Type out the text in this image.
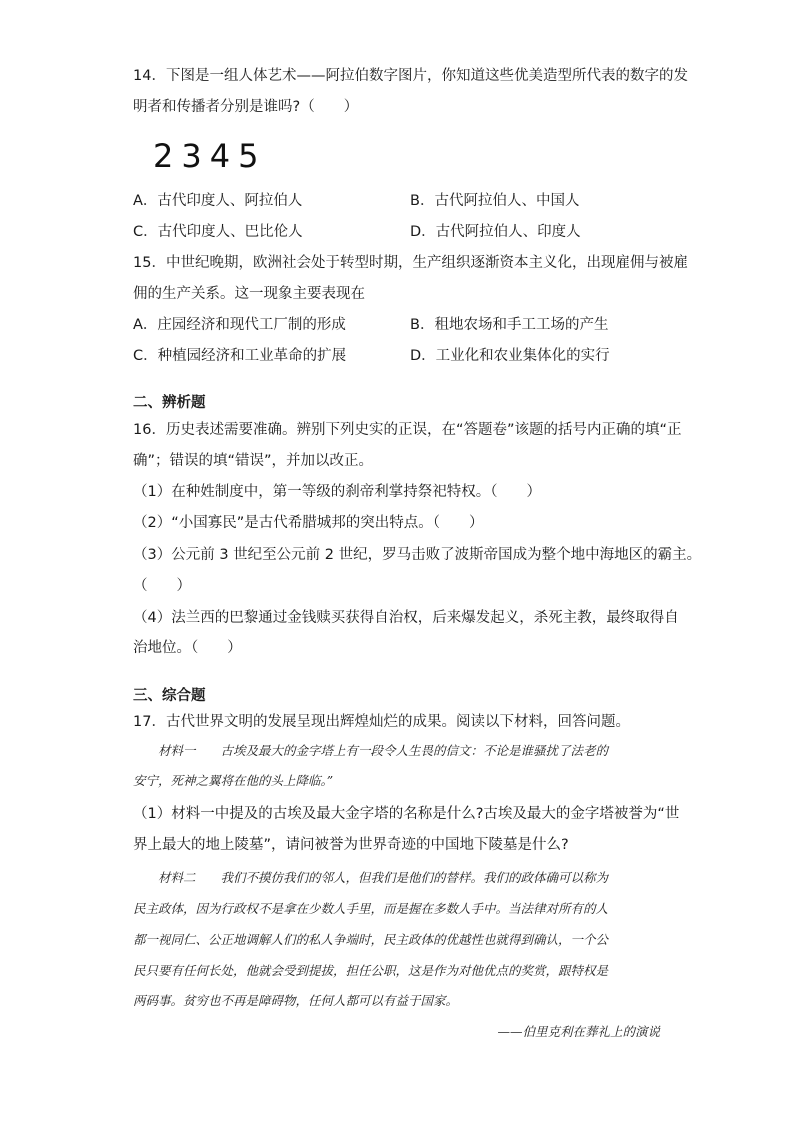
14．下图是一组人体艺术——阿拉伯数字图片，你知道这些优美造型所代表的数字的发
明者和传播者分别是谁吗?（　　）
2345
A．古代印度人、阿拉伯人	B．古代阿拉伯人、中国人
C．古代印度人、巴比伦人	D．古代阿拉伯人、印度人
15．中世纪晚期，欧洲社会处于转型时期，生产组织逐渐资本主义化，出现雇佣与被雇
佣的生产关系。这一现象主要表现在
A．庄园经济和现代工厂制的形成	B．租地农场和手工工场的产生
C．种植园经济和工业革命的扩展	D．工业化和农业集体化的实行
二、辨析题
16．历史表述需要准确。辨别下列史实的正误，在“答题卷”该题的括号内正确的填“正
确”；错误的填“错误”，并加以改正。
（1）在种姓制度中，第一等级的刹帝利掌持祭祀特权。（　　）
（2）“小国寡民”是古代希腊城邦的突出特点。（　　）
（3）公元前 3 世纪至公元前 2 世纪，罗马击败了波斯帝国成为整个地中海地区的霸主。
（　　）
（4）法兰西的巴黎通过金钱赎买获得自治权，后来爆发起义，杀死主教，最终取得自
治地位。（　　）
三、综合题
17．古代世界文明的发展呈现出辉煌灿烂的成果。阅读以下材料，回答问题。
　　材料一　　古埃及最大的金字塔上有一段令人生畏的信文：不论是谁骚扰了法老的
安宁，死神之翼将在他的头上降临。”
（1）材料一中提及的古埃及最大金字塔的名称是什么?古埃及最大的金字塔被誉为“世
界上最大的地上陵墓”，请问被誉为世界奇迹的中国地下陵墓是什么?
　　材料二　　我们不摸仿我们的邻人，但我们是他们的替样。我们的政体确可以称为
民主政体，因为行政权不是拿在少数人手里，而是握在多数人手中。当法律对所有的人
都一视同仁、公正地调解人们的私人争端时，民主政体的优越性也就得到确认，一个公
民只要有任何长处，他就会受到提拔，担任公职，这是作为对他优点的奖赏，跟特权是
两码事。贫穷也不再是障碍物，任何人都可以有益于国家。
——伯里克利在葬礼上的演说
